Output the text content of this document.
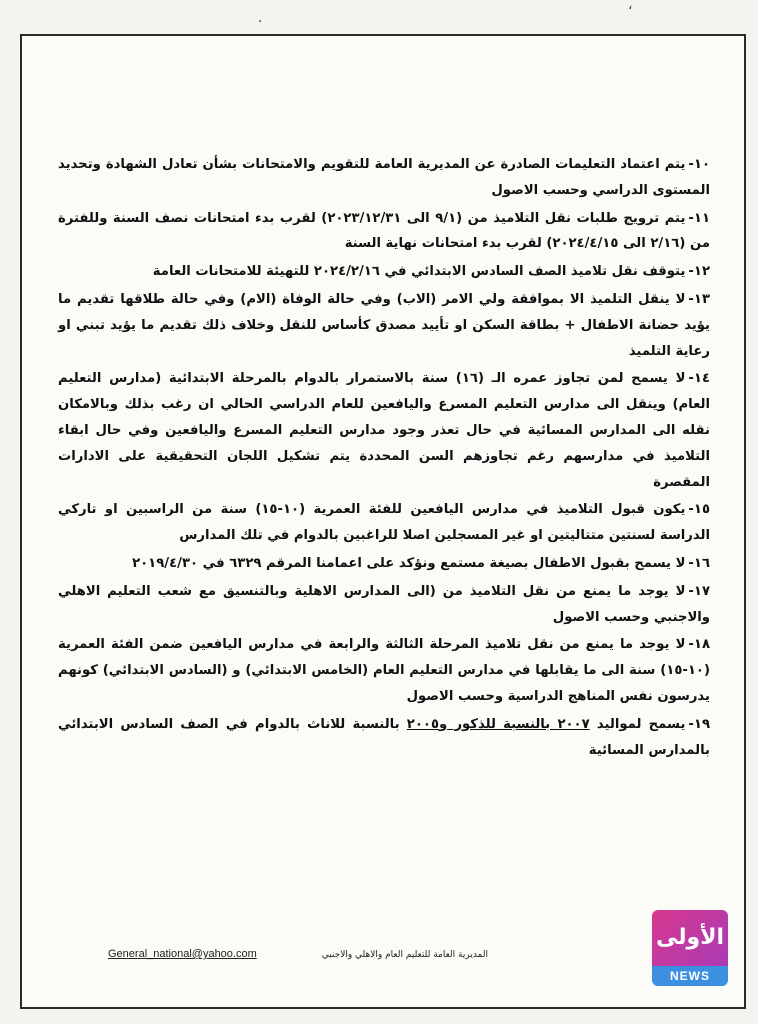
·
،

١٠-يتم اعتماد التعليمات الصادرة عن المديرية العامة للتقويم والامتحانات بشأن تعادل الشهادة وتحديد المستوى الدراسي وحسب الاصول

١١-يتم ترويج طلبات نقل التلاميذ من (٩/١ الى ٢٠٢٣/١٢/٣١) لقرب بدء امتحانات نصف السنة وللفترة من (٢/١٦ الى ٢٠٢٤/٤/١٥) لقرب بدء امتحانات نهاية السنة

١٢-يتوقف نقل تلاميذ الصف السادس الابتدائي في ٢٠٢٤/٢/١٦ للتهيئة للامتحانات العامة

١٣-لا ينقل التلميذ الا بموافقة ولي الامر (الاب) وفي حالة الوفاة (الام) وفي حالة طلاقها تقديم ما يؤيد حضانة الاطفال + بطاقة السكن او تأييد مصدق كأساس للنقل وخلاف ذلك تقديم ما يؤيد تبني او رعاية التلميذ

١٤-لا يسمح لمن تجاوز عمره الـ (١٦) سنة بالاستمرار بالدوام بالمرحلة الابتدائية (مدارس التعليم العام) وينقل الى مدارس التعليم المسرع واليافعين للعام الدراسي الحالي ان رغب بذلك وبالامكان نقله الى المدارس المسائية في حال تعذر وجود مدارس التعليم المسرع واليافعين وفي حال ابقاء التلاميذ في مدارسهم رغم تجاوزهم السن المحددة يتم تشكيل اللجان التحقيقية على الادارات المقصرة

١٥-يكون قبول التلاميذ في مدارس اليافعين للفئة العمرية (١٠-١٥) سنة من الراسبين او تاركي الدراسة لسنتين متتاليتين او غير المسجلين اصلا للراغبين بالدوام في تلك المدارس

١٦-لا يسمح بقبول الاطفال بصيغة مستمع ونؤكد على اعمامنا المرقم ٦٣٢٩ في ٢٠١٩/٤/٣٠

١٧-لا يوجد ما يمنع من نقل التلاميذ من (الى المدارس الاهلية وبالتنسيق مع شعب التعليم الاهلي والاجنبي وحسب الاصول

١٨-لا يوجد ما يمنع من نقل تلاميذ المرحلة الثالثة والرابعة في مدارس اليافعين ضمن الفئة العمرية (١٠-١٥) سنة الى ما يقابلها في مدارس التعليم العام (الخامس الابتدائي) و (السادس الابتدائي) كونهم يدرسون نفس المناهج الدراسية وحسب الاصول

١٩-يسمح لمواليد ٢٠٠٧ بالنسبة للذكور و٢٠٠٥ بالنسبة للاناث بالدوام في الصف السادس الابتدائي بالمدارس المسائية

General_national@yahoo.com	المديرية العامة للتعليم العام والاهلي والاجنبي
الأولى
NEWS
